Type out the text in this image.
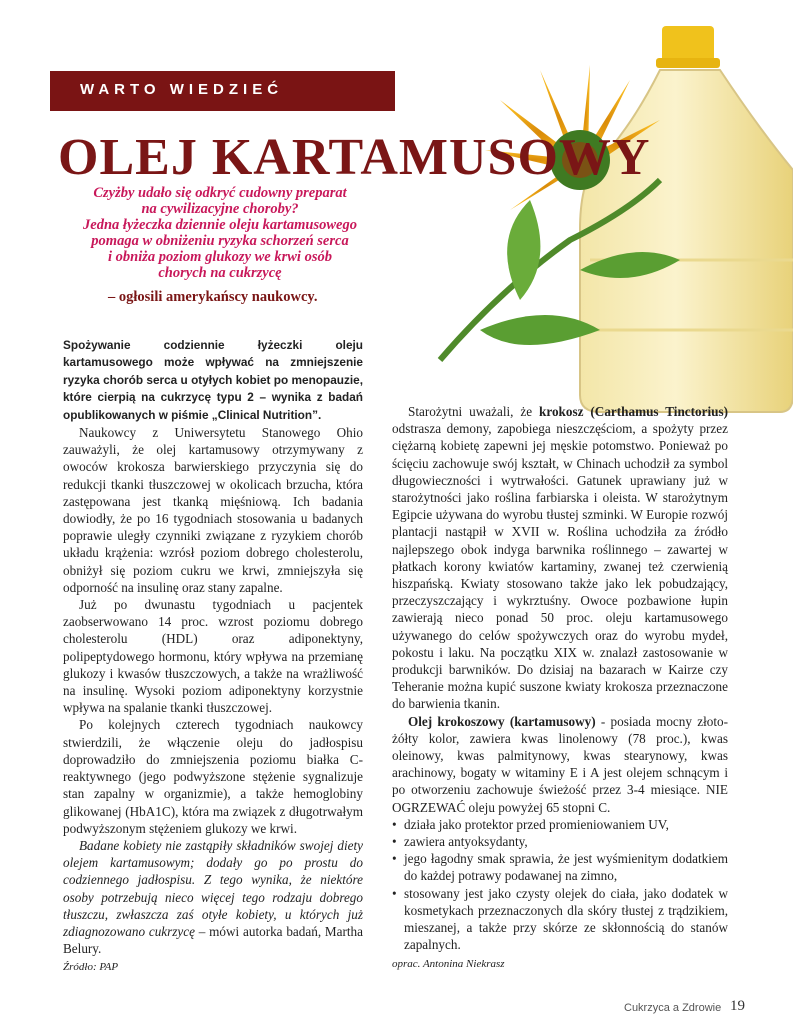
WARTO WIEDZIEĆ
OLEJ KARTAMUSOWY
Czyżby udało się odkryć cudowny preparat
na cywilizacyjne choroby?
Jedna łyżeczka dziennie oleju kartamusowego
pomaga w obniżeniu ryzyka schorzeń serca
i obniża poziom glukozy we krwi osób
chorych na cukrzycę
– ogłosili amerykańscy naukowcy.

Spożywanie codziennie łyżeczki oleju kartamusowego może wpływać na zmniejszenie ryzyka chorób serca u otyłych kobiet po menopauzie, które cierpią na cukrzycę typu 2 – wynika z badań opublikowanych w piśmie „Clinical Nutrition”.

Naukowcy z Uniwersytetu Stanowego Ohio zauważyli, że olej kartamusowy otrzymywany z owoców krokosza barwierskiego przyczynia się do redukcji tkanki tłuszczowej w okolicach brzucha, która zastępowana jest tkanką mięśniową. Ich badania dowiodły, że po 16 tygodniach stosowania u badanych poprawie uległy czynniki związane z ryzykiem chorób układu krążenia: wzrósł poziom dobrego cholesterolu, obniżył się poziom cukru we krwi, zmniejszyła się odporność na insulinę oraz stany zapalne.

Już po dwunastu tygodniach u pacjentek zaobserwowano 14 proc. wzrost poziomu dobrego cholesterolu (HDL) oraz adiponektyny, polipeptydowego hormonu, który wpływa na przemianę glukozy i kwasów tłuszczowych, a także na wrażliwość na insulinę. Wysoki poziom adiponektyny korzystnie wpływa na spalanie tkanki tłuszczowej.

Po kolejnych czterech tygodniach naukowcy stwierdzili, że włączenie oleju do jadłospisu doprowadziło do zmniejszenia poziomu białka C-reaktywnego (jego podwyższone stężenie sygnalizuje stan zapalny w organizmie), a także hemoglobiny glikowanej (HbA1C), która ma związek z długotrwałym podwyższonym stężeniem glukozy we krwi.

Badane kobiety nie zastąpiły składników swojej diety olejem kartamusowym; dodały go po prostu do codziennego jadłospisu. Z tego wynika, że niektóre osoby potrzebują nieco więcej tego rodzaju dobrego tłuszczu, zwłaszcza zaś otyłe kobiety, u których już zdiagnozowano cukrzycę – mówi autorka badań, Martha Belury.

Źródło: PAP

Starożytni uważali, że krokosz (Carthamus Tinctorius) odstrasza demony, zapobiega nieszczęściom, a spożyty przez ciężarną kobietę zapewni jej męskie potomstwo. Ponieważ po ścięciu zachowuje swój kształt, w Chinach uchodził za symbol długowieczności i wytrwałości. Gatunek uprawiany już w starożytności jako roślina farbiarska i oleista. W starożytnym Egipcie używana do wyrobu tłustej szminki. W Europie rozwój plantacji nastąpił w XVII w. Roślina uchodziła za źródło najlepszego obok indyga barwnika roślinnego – zawartej w płatkach korony kwiatów kartaminy, zwanej też czerwienią hiszpańską. Kwiaty stosowano także jako lek pobudzający, przeczyszczający i wykrztuśny. Owoce pozbawione łupin zawierają nieco ponad 50 proc. oleju kartamusowego używanego do celów spożywczych oraz do wyrobu mydeł, pokostu i laku. Na początku XIX w. znalazł zastosowanie w produkcji barwników. Do dzisiaj na bazarach w Kairze czy Teheranie można kupić suszone kwiaty krokosza przeznaczone do barwienia tkanin.

Olej krokoszowy (kartamusowy) - posiada mocny złoto-żółty kolor, zawiera kwas linolenowy (78 proc.), kwas oleinowy, kwas palmitynowy, kwas stearynowy, kwas arachinowy, bogaty w witaminy E i A jest olejem schnącym i po otworzeniu zachowuje świeżość przez 3-4 miesiące. NIE OGRZEWAĆ oleju powyżej 65 stopni C.

• działa jako protektor przed promieniowaniem UV,
• zawiera antyoksydanty,
• jego łagodny smak sprawia, że jest wyśmienitym dodatkiem do każdej potrawy podawanej na zimno,
• stosowany jest jako czysty olejek do ciała, jako dodatek w kosmetykach przeznaczonych dla skóry tłustej z trądzikiem, mieszanej, a także przy skórze ze skłonnością do stanów zapalnych.

oprac. Antonina Niekrasz

Cukrzyca a Zdrowie 19
